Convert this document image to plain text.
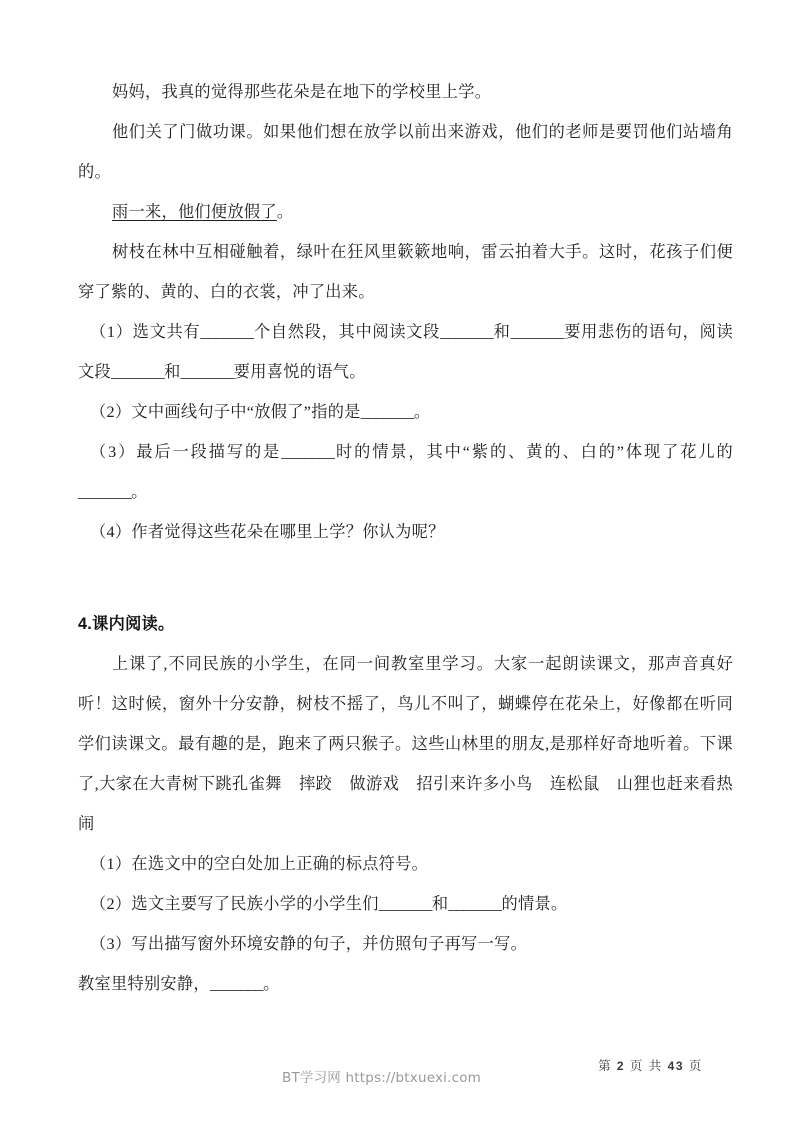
妈妈，我真的觉得那些花朵是在地下的学校里上学。

他们关了门做功课。如果他们想在放学以前出来游戏，他们的老师是要罚他们站墙角的。

雨一来，他们便放假了。

树枝在林中互相碰触着，绿叶在狂风里簌簌地响，雷云拍着大手。这时，花孩子们便穿了紫的、黄的、白的衣裳，冲了出来。

（1）选文共有_______个自然段，其中阅读文段_______和_______要用悲伤的语句，阅读文段_______和_______要用喜悦的语气。

（2）文中画线句子中“放假了”指的是_______。

（3）最后一段描写的是_______时的情景，其中“紫的、黄的、白的”体现了花儿的_______。

（4）作者觉得这些花朵在哪里上学？你认为呢？

4.课内阅读。

上课了,不同民族的小学生，在同一间教室里学习。大家一起朗读课文，那声音真好听！这时候，窗外十分安静，树枝不摇了，鸟儿不叫了，蝴蝶停在花朵上，好像都在听同学们读课文。最有趣的是，跑来了两只猴子。这些山林里的朋友,是那样好奇地听着。下课了,大家在大青树下跳孔雀舞 摔跤 做游戏 招引来许多小鸟 连松鼠 山狸也赶来看热闹

（1）在选文中的空白处加上正确的标点符号。

（2）选文主要写了民族小学的小学生们_______和_______的情景。

（3）写出描写窗外环境安静的句子，并仿照句子再写一写。

教室里特别安静，_______。

BT学习网 https://btxuexi.com
第 2 页 共 43 页
